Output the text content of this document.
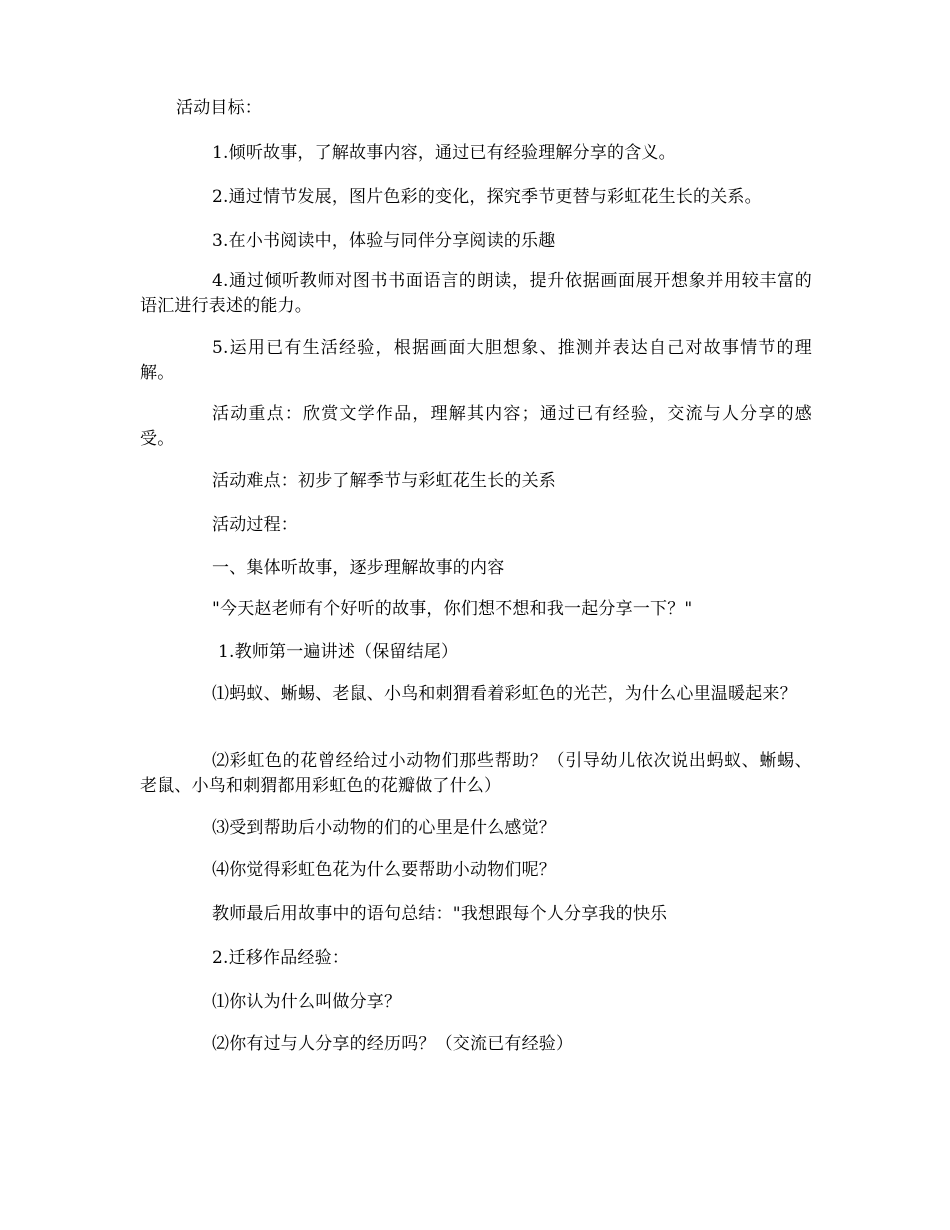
活动目标：

1.倾听故事，了解故事内容，通过已有经验理解分享的含义。

2.通过情节发展，图片色彩的变化，探究季节更替与彩虹花生长的关系。

3.在小书阅读中，体验与同伴分享阅读的乐趣

4.通过倾听教师对图书书面语言的朗读，提升依据画面展开想象并用较丰富的语汇进行表述的能力。

5.运用已有生活经验，根据画面大胆想象、推测并表达自己对故事情节的理解。

活动重点：欣赏文学作品，理解其内容；通过已有经验，交流与人分享的感受。

活动难点：初步了解季节与彩虹花生长的关系

活动过程：

一、集体听故事，逐步理解故事的内容

"今天赵老师有个好听的故事，你们想不想和我一起分享一下？"

1.教师第一遍讲述（保留结尾）

⑴蚂蚁、蜥蜴、老鼠、小鸟和刺猬看着彩虹色的光芒，为什么心里温暖起来？

⑵彩虹色的花曾经给过小动物们那些帮助？（引导幼儿依次说出蚂蚁、蜥蜴、老鼠、小鸟和刺猬都用彩虹色的花瓣做了什么）

⑶受到帮助后小动物的们的心里是什么感觉？

⑷你觉得彩虹色花为什么要帮助小动物们呢？

教师最后用故事中的语句总结："我想跟每个人分享我的快乐

2.迁移作品经验：

⑴你认为什么叫做分享？

⑵你有过与人分享的经历吗？（交流已有经验）
